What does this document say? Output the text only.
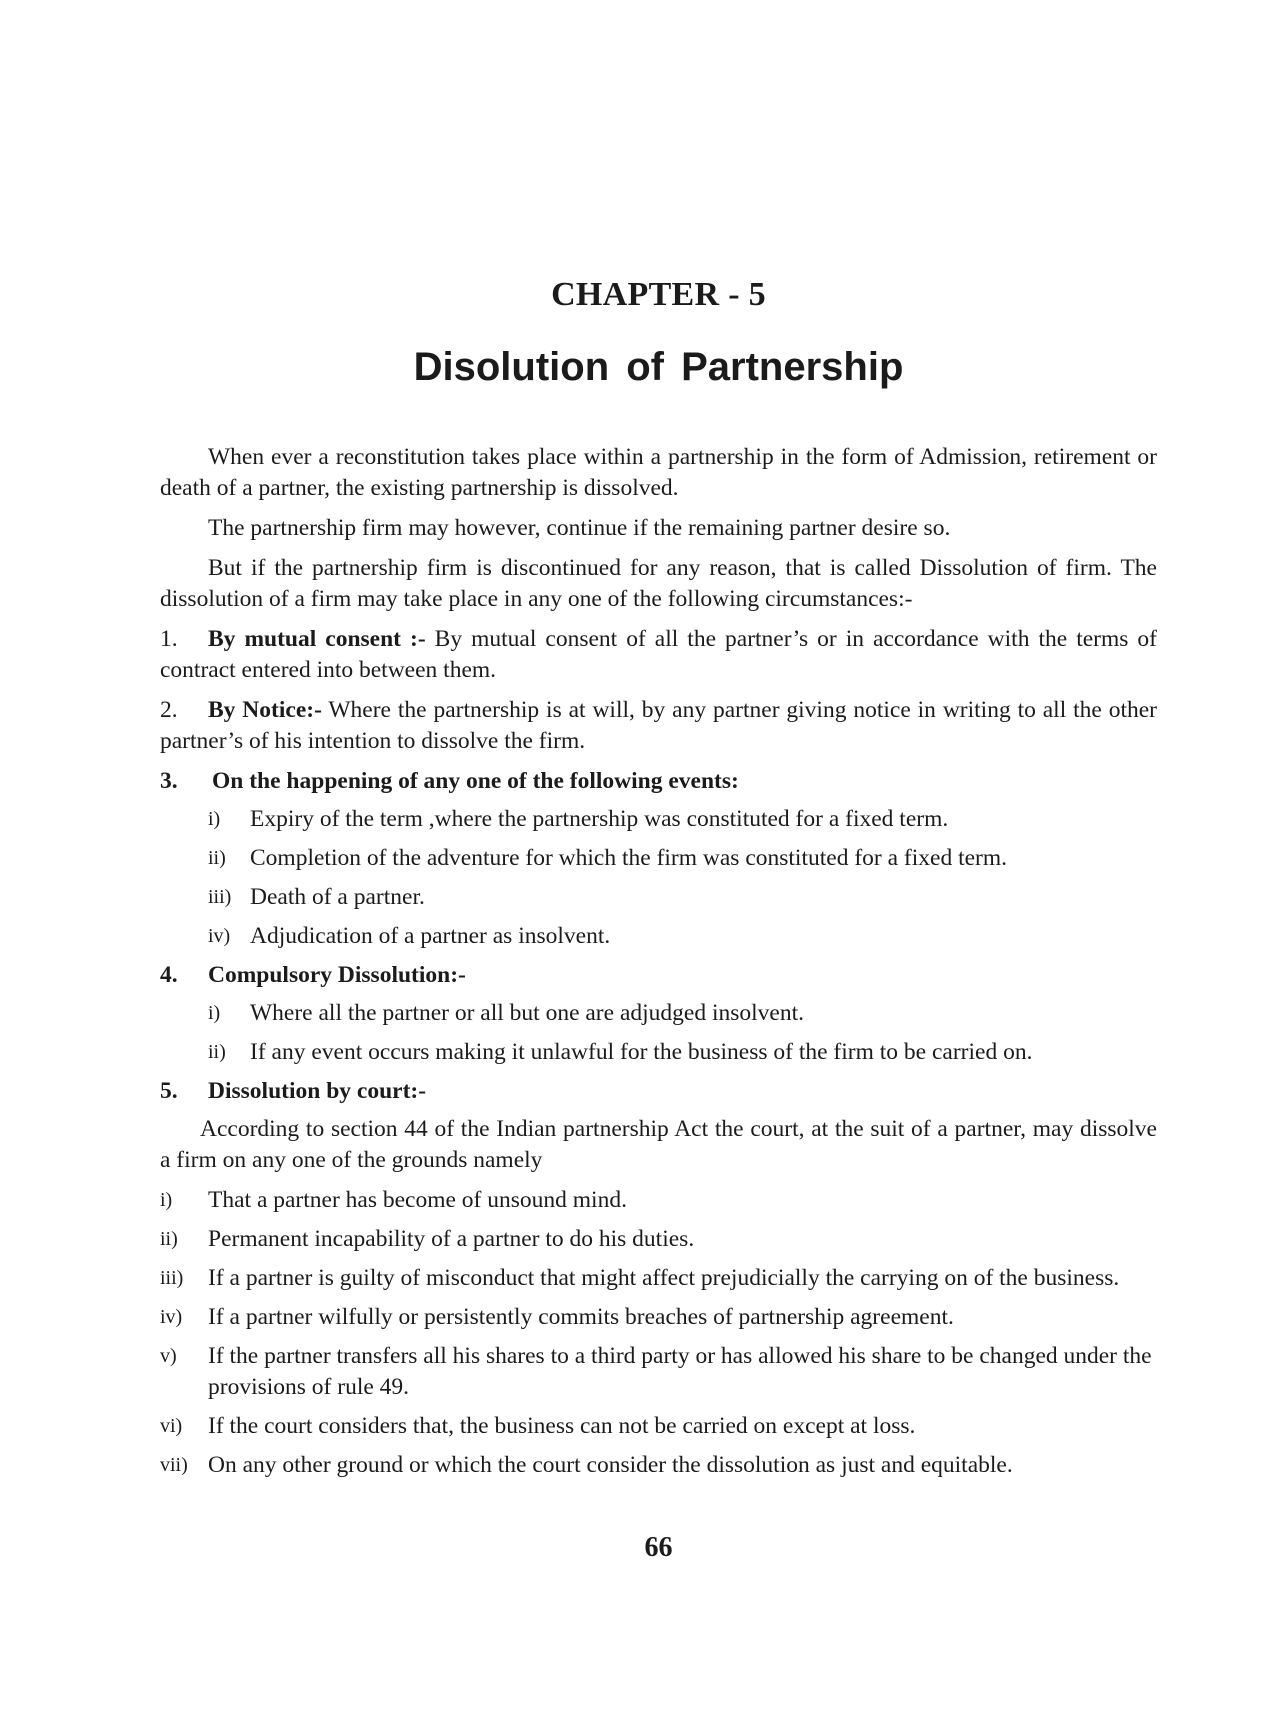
CHAPTER - 5
Disolution of Partnership

When ever a reconstitution takes place within a partnership in the form of Admission, retirement or death of a partner, the existing partnership is dissolved.

The partnership firm may however, continue if the remaining partner desire so.

But if the partnership firm is discontinued for any reason, that is called Dissolution of firm. The dissolution of a firm may take place in any one of the following circumstances:-

1. By mutual consent :- By mutual consent of all the partner’s or in accordance with the terms of contract entered into between them.

2. By Notice:- Where the partnership is at will, by any partner giving notice in writing to all the other partner’s of his intention to dissolve the firm.

3.	On the happening of any one of the following events:
i)	Expiry of the term ,where the partnership was constituted for a fixed term.
ii)	Completion of the adventure for which the firm was constituted for a fixed term.
iii) Death of a partner.
iv) Adjudication of a partner as insolvent.
4.	Compulsory Dissolution:-
i)	Where all the partner or all but one are adjudged insolvent.
ii)	If any event occurs making it unlawful for the business of the firm to be carried on.
5.	Dissolution by court:-

According to section 44 of the Indian partnership Act the court, at the suit of a partner, may dissolve a firm on any one of the grounds namely

i)	That a partner has become of unsound mind.
ii)	Permanent incapability of a partner to do his duties.
iii)	If a partner is guilty of misconduct that might affect prejudicially the carrying on of the business.
iv)	If a partner wilfully or persistently commits breaches of partnership agreement.
v)	If the partner transfers all his shares to a third party or has allowed his share to be changed under the provisions of rule 49.
vi)	If the court considers that, the business can not be carried on except at loss.
vii) On any other ground or which the court consider the dissolution as just and equitable.

66
